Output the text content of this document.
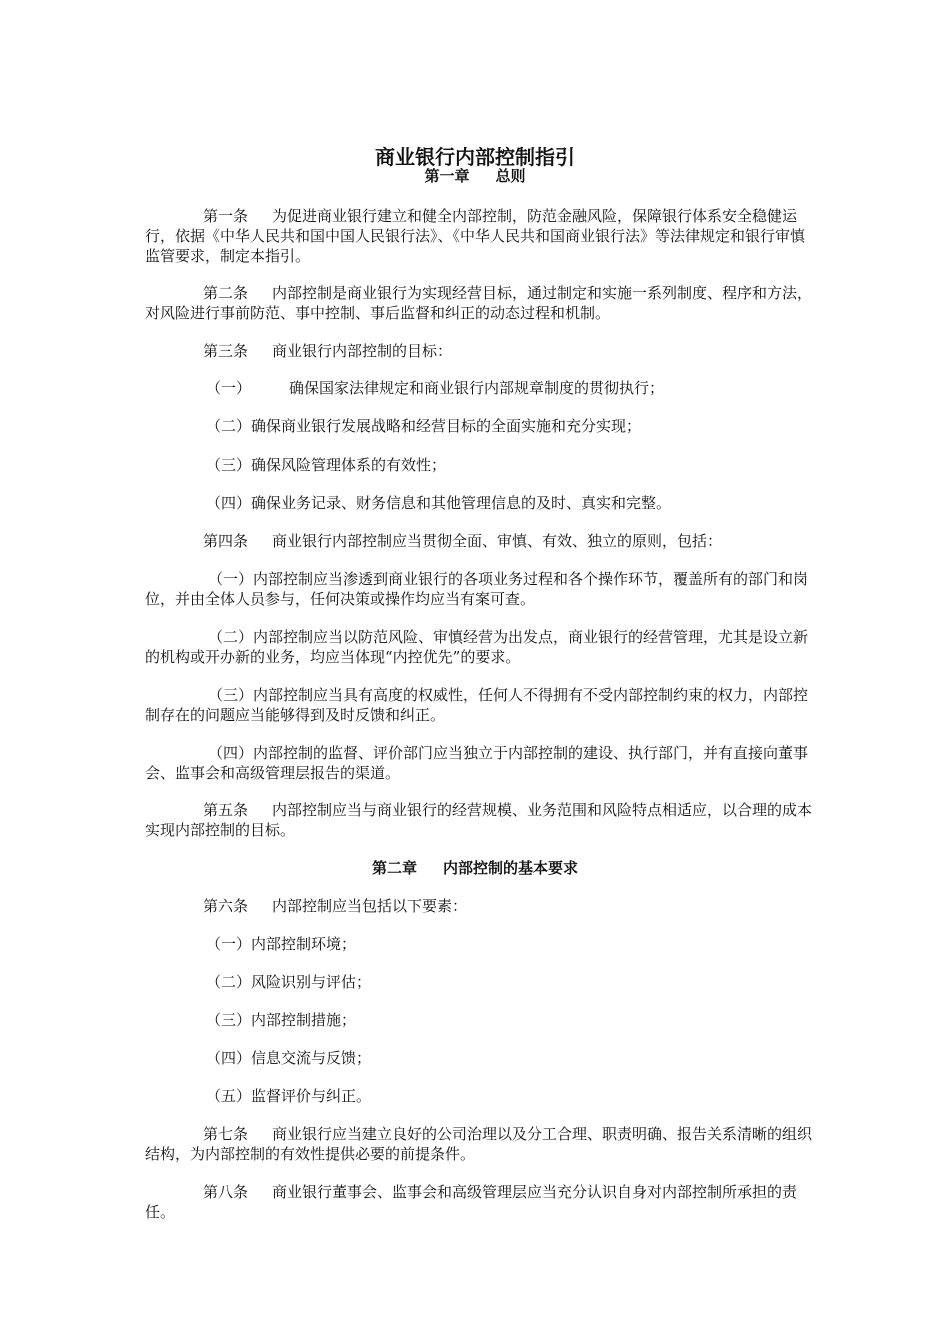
商业银行内部控制指引
第一章 总则

第一条 为促进商业银行建立和健全内部控制，防范金融风险，保障银行体系安全稳健运行，依据《中华人民共和国中国人民银行法》、《中华人民共和国商业银行法》等法律规定和银行审慎监管要求，制定本指引。

第二条 内部控制是商业银行为实现经营目标，通过制定和实施一系列制度、程序和方法，对风险进行事前防范、事中控制、事后监督和纠正的动态过程和机制。

第三条 商业银行内部控制的目标：

（一）	确保国家法律规定和商业银行内部规章制度的贯彻执行；
（二）确保商业银行发展战略和经营目标的全面实施和充分实现；
（三）确保风险管理体系的有效性；
（四）确保业务记录、财务信息和其他管理信息的及时、真实和完整。

第四条 商业银行内部控制应当贯彻全面、审慎、有效、独立的原则，包括：

（一）内部控制应当渗透到商业银行的各项业务过程和各个操作环节，覆盖所有的部门和岗位，并由全体人员参与，任何决策或操作均应当有案可查。

（二）内部控制应当以防范风险、审慎经营为出发点，商业银行的经营管理，尤其是设立新的机构或开办新的业务，均应当体现“内控优先”的要求。

（三）内部控制应当具有高度的权威性，任何人不得拥有不受内部控制约束的权力，内部控制存在的问题应当能够得到及时反馈和纠正。

（四）内部控制的监督、评价部门应当独立于内部控制的建设、执行部门，并有直接向董事会、监事会和高级管理层报告的渠道。

第五条 内部控制应当与商业银行的经营规模、业务范围和风险特点相适应，以合理的成本实现内部控制的目标。

第二章 内部控制的基本要求

第六条 内部控制应当包括以下要素：

（一）内部控制环境；
（二）风险识别与评估；
（三）内部控制措施；
（四）信息交流与反馈；
（五）监督评价与纠正。

第七条 商业银行应当建立良好的公司治理以及分工合理、职责明确、报告关系清晰的组织结构，为内部控制的有效性提供必要的前提条件。

第八条 商业银行董事会、监事会和高级管理层应当充分认识自身对内部控制所承担的责任。
